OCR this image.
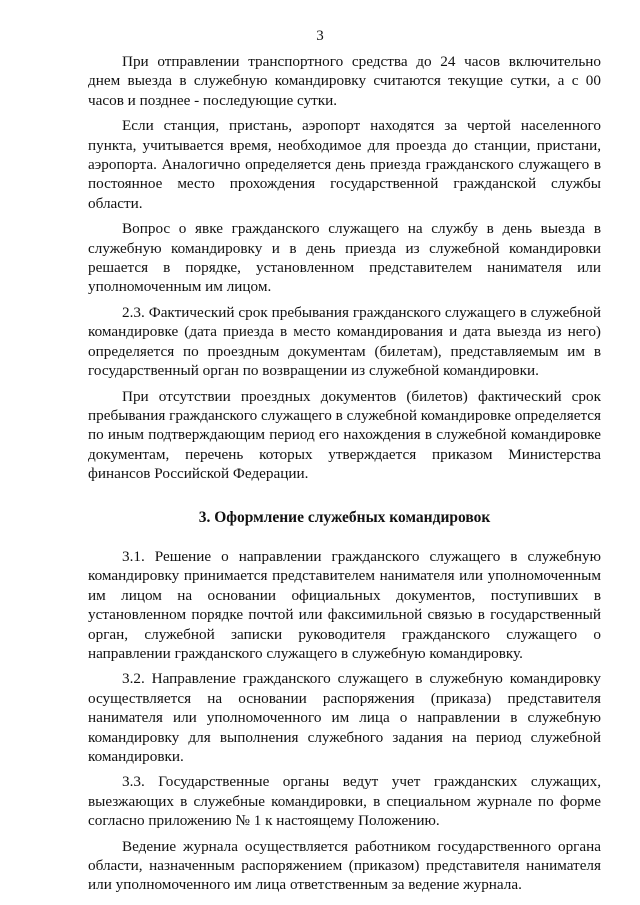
3

При отправлении транспортного средства до 24 часов включительно днем выезда в служебную командировку считаются текущие сутки, а с 00 часов и позднее - последующие сутки.

Если станция, пристань, аэропорт находятся за чертой населенного пункта, учитывается время, необходимое для проезда до станции, пристани, аэропорта. Аналогично определяется день приезда гражданского служащего в постоянное место прохождения государственной гражданской службы области.

Вопрос о явке гражданского служащего на службу в день выезда в служебную командировку и в день приезда из служебной командировки решается в порядке, установленном представителем нанимателя или уполномоченным им лицом.

2.3. Фактический срок пребывания гражданского служащего в служебной командировке (дата приезда в место командирования и дата выезда из него) определяется по проездным документам (билетам), представляемым им в государственный орган по возвращении из служебной командировки.

При отсутствии проездных документов (билетов) фактический срок пребывания гражданского служащего в служебной командировке определяется по иным подтверждающим период его нахождения в служебной командировке документам, перечень которых утверждается приказом Министерства финансов Российской Федерации.

3. Оформление служебных командировок

3.1. Решение о направлении гражданского служащего в служебную командировку принимается представителем нанимателя или уполномоченным им лицом на основании официальных документов, поступивших в установленном порядке почтой или факсимильной связью в государственный орган, служебной записки руководителя гражданского служащего о направлении гражданского служащего в служебную командировку.

3.2. Направление гражданского служащего в служебную командировку осуществляется на основании распоряжения (приказа) представителя нанимателя или уполномоченного им лица о направлении в служебную командировку для выполнения служебного задания на период служебной командировки.

3.3. Государственные органы ведут учет гражданских служащих, выезжающих в служебные командировки, в специальном журнале по форме согласно приложению № 1 к настоящему Положению.

Ведение журнала осуществляется работником государственного органа области, назначенным распоряжением (приказом) представителя нанимателя или уполномоченного им лица ответственным за ведение журнала.
